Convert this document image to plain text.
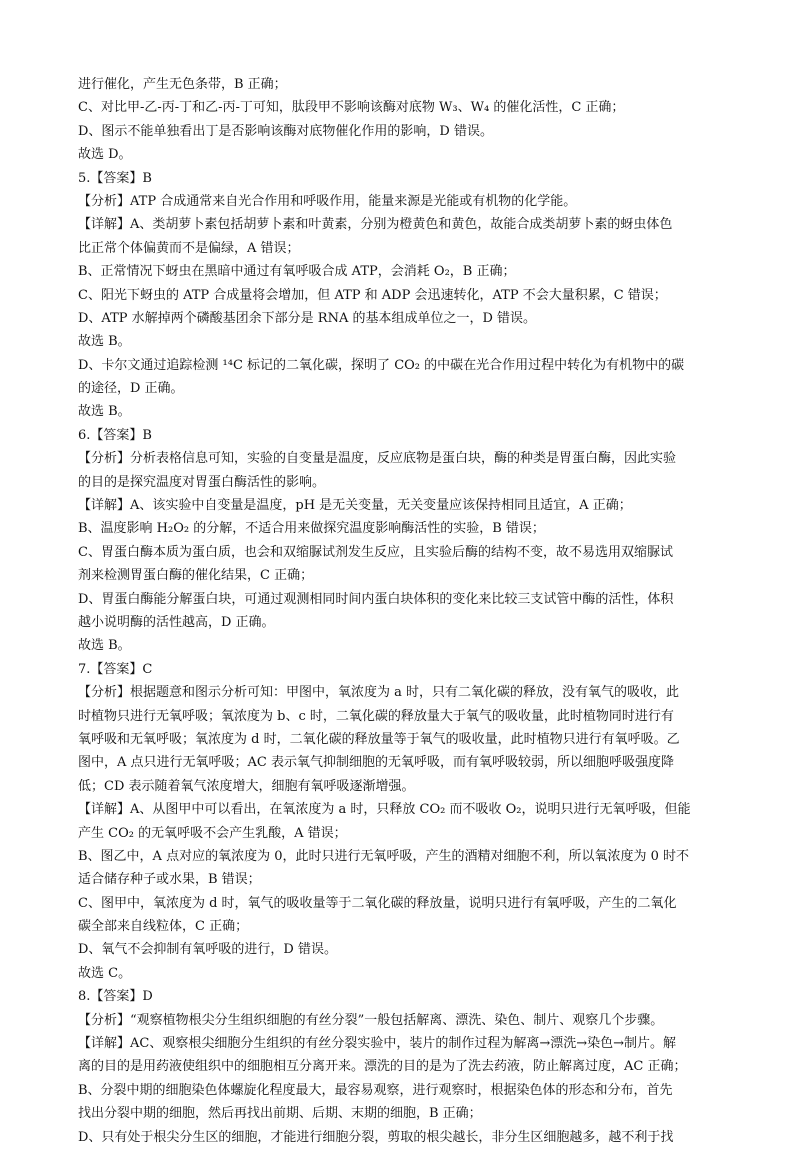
进行催化，产生无色条带，B 正确；

C、对比甲-乙-丙-丁和乙-丙-丁可知，肽段甲不影响该酶对底物 W₃、W₄ 的催化活性，C 正确；

D、图示不能单独看出丁是否影响该酶对底物催化作用的影响，D 错误。

故选 D。

5.【答案】B

【分析】ATP 合成通常来自光合作用和呼吸作用，能量来源是光能或有机物的化学能。

【详解】A、类胡萝卜素包括胡萝卜素和叶黄素，分别为橙黄色和黄色，故能合成类胡萝卜素的蚜虫体色

比正常个体偏黄而不是偏绿，A 错误；

B、正常情况下蚜虫在黑暗中通过有氧呼吸合成 ATP，会消耗 O₂，B 正确；

C、阳光下蚜虫的 ATP 合成量将会增加，但 ATP 和 ADP 会迅速转化，ATP 不会大量积累，C 错误；

D、ATP 水解掉两个磷酸基团余下部分是 RNA 的基本组成单位之一，D 错误。

故选 B。

D、卡尔文通过追踪检测 ¹⁴C 标记的二氧化碳，探明了 CO₂ 的中碳在光合作用过程中转化为有机物中的碳

的途径，D 正确。

故选 B。

6.【答案】B

【分析】分析表格信息可知，实验的自变量是温度，反应底物是蛋白块，酶的种类是胃蛋白酶，因此实验

的目的是探究温度对胃蛋白酶活性的影响。

【详解】A、该实验中自变量是温度，pH 是无关变量，无关变量应该保持相同且适宜，A 正确；

B、温度影响 H₂O₂ 的分解，不适合用来做探究温度影响酶活性的实验，B 错误；

C、胃蛋白酶本质为蛋白质，也会和双缩脲试剂发生反应，且实验后酶的结构不变，故不易选用双缩脲试

剂来检测胃蛋白酶的催化结果，C 正确；

D、胃蛋白酶能分解蛋白块，可通过观测相同时间内蛋白块体积的变化来比较三支试管中酶的活性，体积

越小说明酶的活性越高，D 正确。

故选 B。

7.【答案】C

【分析】根据题意和图示分析可知：甲图中，氧浓度为 a 时，只有二氧化碳的释放，没有氧气的吸收，此

时植物只进行无氧呼吸；氧浓度为 b、c 时，二氧化碳的释放量大于氧气的吸收量，此时植物同时进行有

氧呼吸和无氧呼吸；氧浓度为 d 时，二氧化碳的释放量等于氧气的吸收量，此时植物只进行有氧呼吸。乙

图中，A 点只进行无氧呼吸；AC 表示氧气抑制细胞的无氧呼吸，而有氧呼吸较弱，所以细胞呼吸强度降

低；CD 表示随着氧气浓度增大，细胞有氧呼吸逐渐增强。

【详解】A、从图甲中可以看出，在氧浓度为 a 时，只释放 CO₂ 而不吸收 O₂，说明只进行无氧呼吸，但能

产生 CO₂ 的无氧呼吸不会产生乳酸，A 错误；

B、图乙中，A 点对应的氧浓度为 0，此时只进行无氧呼吸，产生的酒精对细胞不利，所以氧浓度为 0 时不

适合储存种子或水果，B 错误；

C、图甲中，氧浓度为 d 时，氧气的吸收量等于二氧化碳的释放量，说明只进行有氧呼吸，产生的二氧化

碳全部来自线粒体，C 正确；

D、氧气不会抑制有氧呼吸的进行，D 错误。

故选 C。

8.【答案】D

【分析】“观察植物根尖分生组织细胞的有丝分裂”一般包括解离、漂洗、染色、制片、观察几个步骤。

【详解】AC、观察根尖细胞分生组织的有丝分裂实验中，装片的制作过程为解离→漂洗→染色→制片。解

离的目的是用药液使组织中的细胞相互分离开来。漂洗的目的是为了洗去药液，防止解离过度，AC 正确；

B、分裂中期的细胞染色体螺旋化程度最大，最容易观察，进行观察时，根据染色体的形态和分布，首先

找出分裂中期的细胞，然后再找出前期、后期、末期的细胞，B 正确；

D、只有处于根尖分生区的细胞，才能进行细胞分裂，剪取的根尖越长，非分生区细胞越多，越不利于找
